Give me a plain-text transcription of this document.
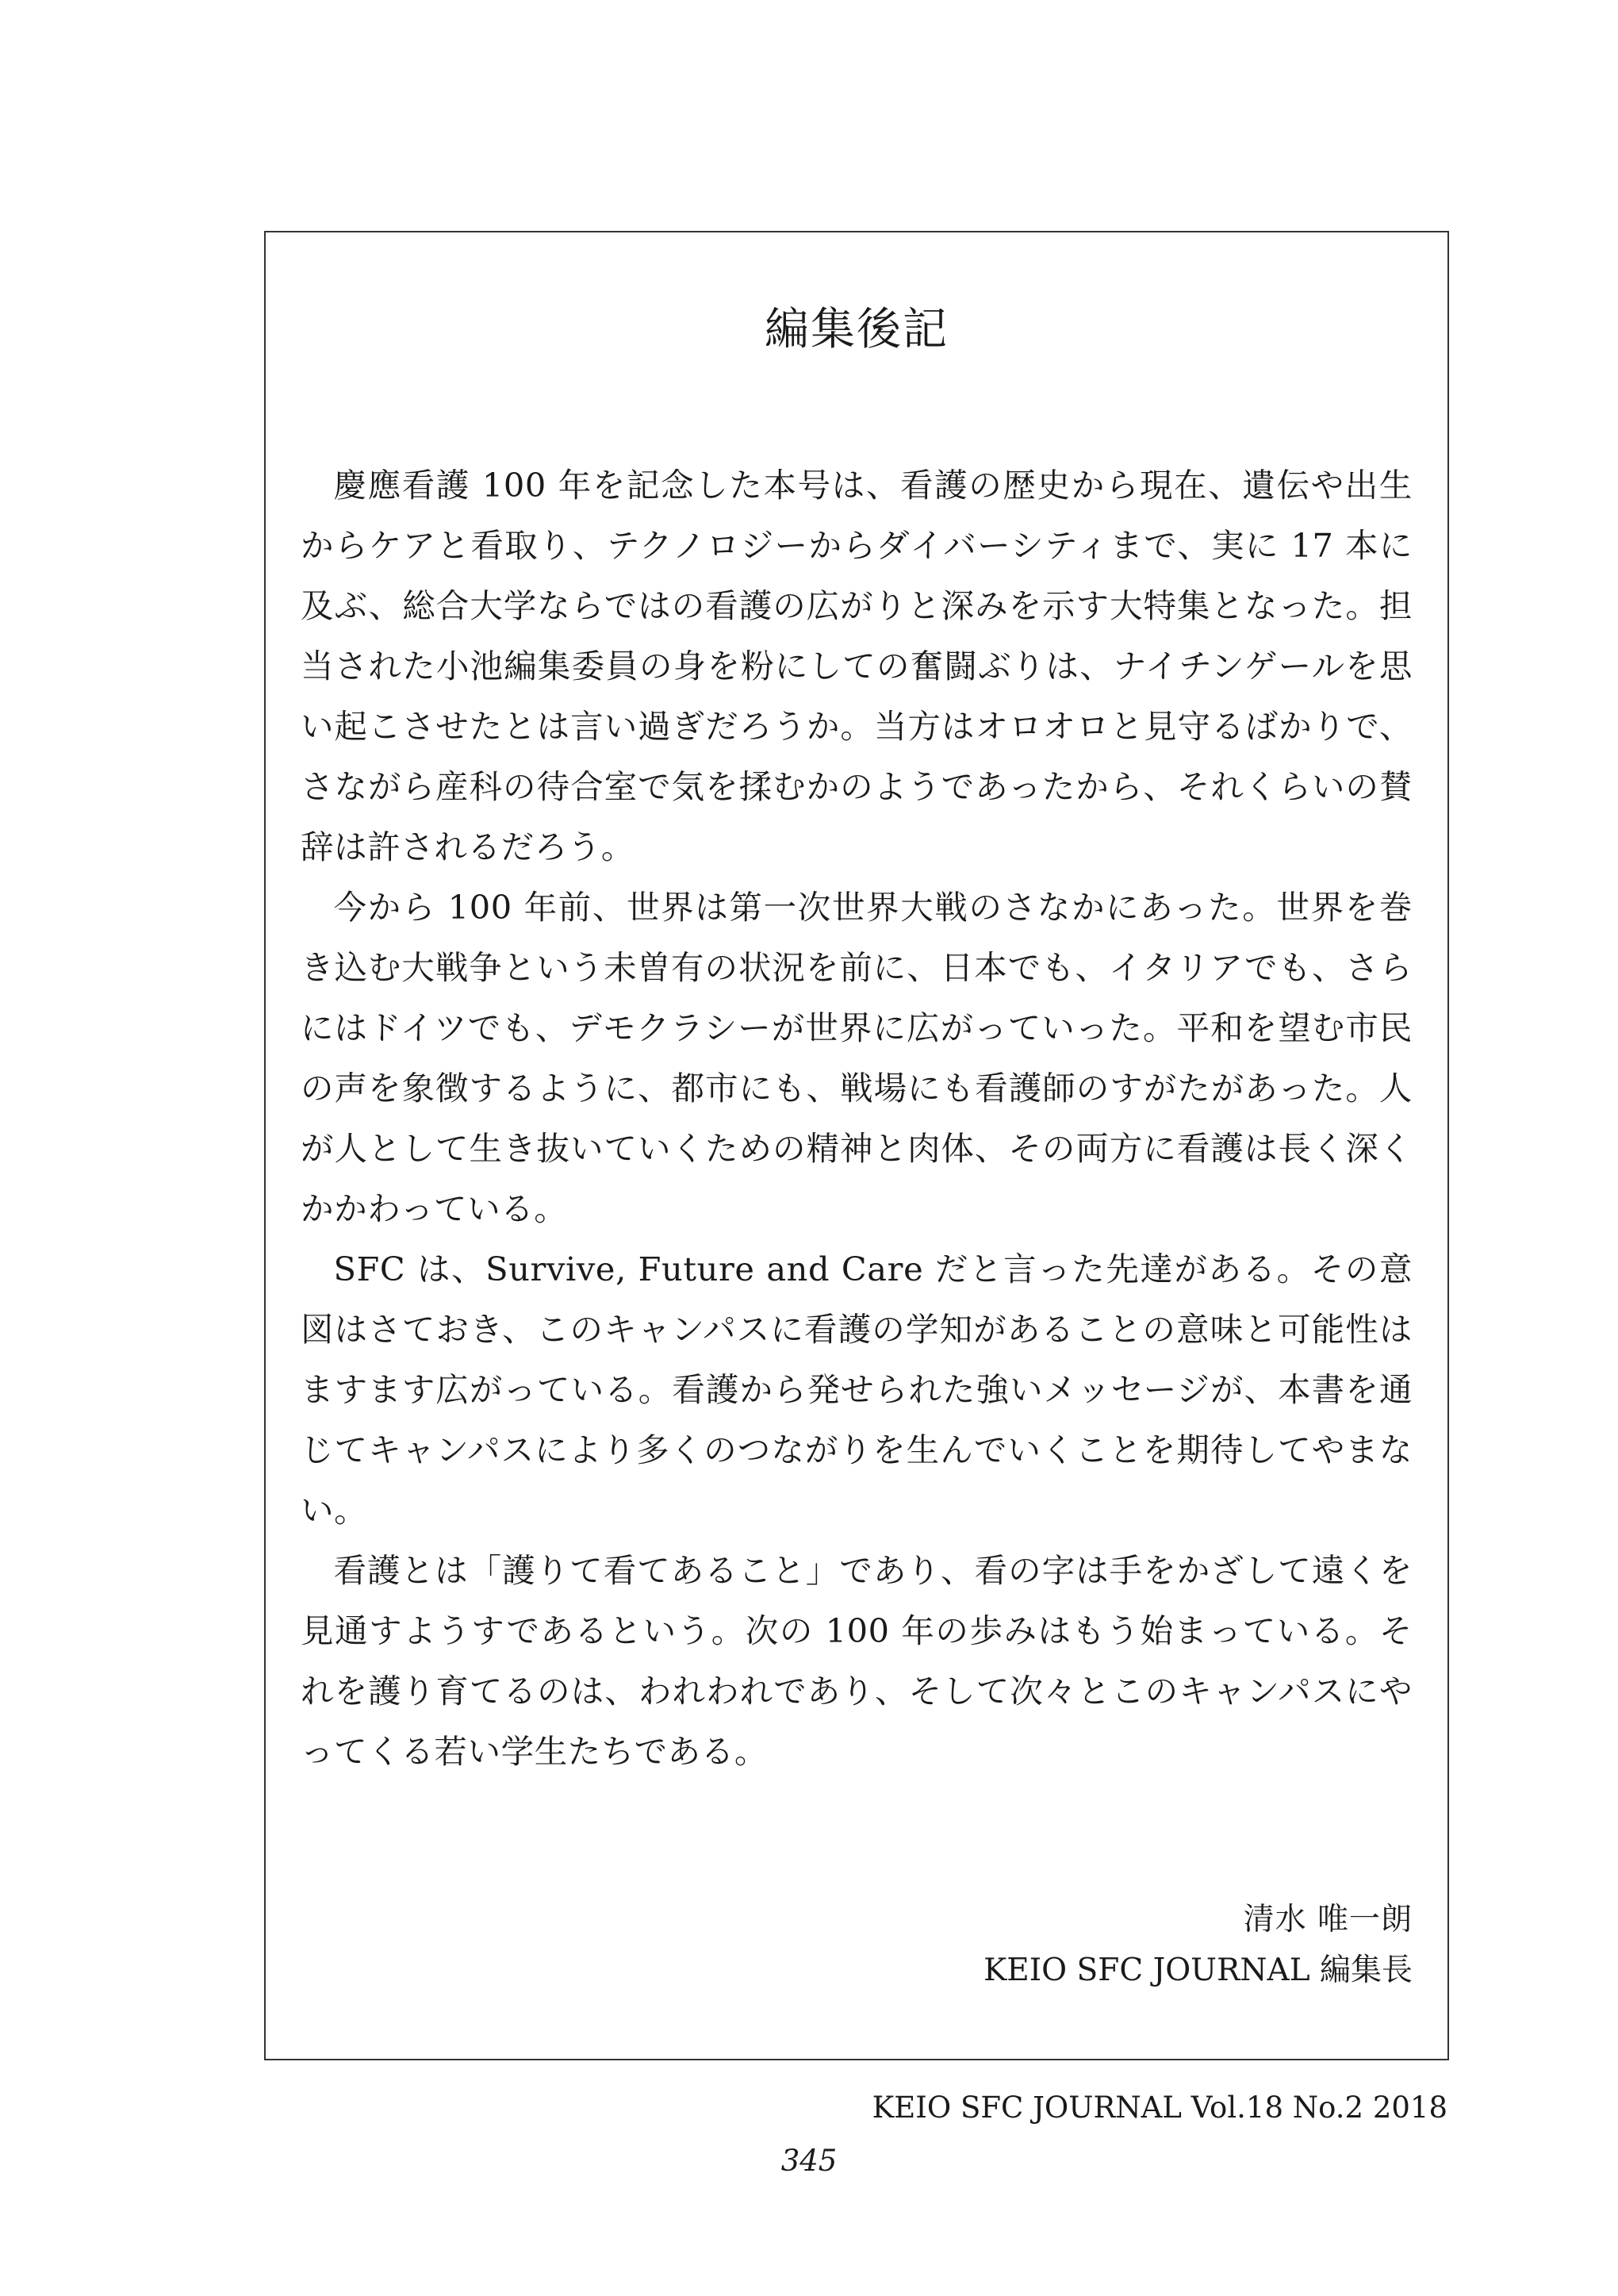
編集後記

慶應看護 100 年を記念した本号は、看護の歴史から現在、遺伝や出生からケアと看取り、テクノロジーからダイバーシティまで、実に 17 本に及ぶ、総合大学ならではの看護の広がりと深みを示す大特集となった。担当された小池編集委員の身を粉にしての奮闘ぶりは、ナイチンゲールを思い起こさせたとは言い過ぎだろうか。当方はオロオロと見守るばかりで、さながら産科の待合室で気を揉むかのようであったから、それくらいの賛辞は許されるだろう。

今から 100 年前、世界は第一次世界大戦のさなかにあった。世界を巻き込む大戦争という未曽有の状況を前に、日本でも、イタリアでも、さらにはドイツでも、デモクラシーが世界に広がっていった。平和を望む市民の声を象徴するように、都市にも、戦場にも看護師のすがたがあった。人が人として生き抜いていくための精神と肉体、その両方に看護は長く深くかかわっている。

SFC は、Survive, Future and Care だと言った先達がある。その意図はさておき、このキャンパスに看護の学知があることの意味と可能性はますます広がっている。看護から発せられた強いメッセージが、本書を通じてキャンパスにより多くのつながりを生んでいくことを期待してやまない。

看護とは「護りて看てあること」であり、看の字は手をかざして遠くを見通すようすであるという。次の 100 年の歩みはもう始まっている。それを護り育てるのは、われわれであり、そして次々とこのキャンパスにやってくる若い学生たちである。

清水 唯一朗
KEIO SFC JOURNAL 編集長
KEIO SFC JOURNAL Vol.18 No.2 2018
345
